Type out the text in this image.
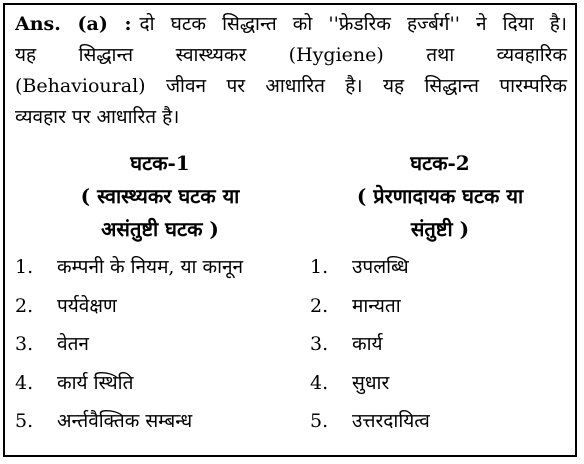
Ans. (a) : दो घटक सिद्धान्त को ''फ्रेडरिक हर्ज्बर्ग'' ने दिया है।
यह सिद्धान्त स्वास्थ्यकर (Hygiene) तथा व्यवहारिक
(Behavioural) जीवन पर आधारित है। यह सिद्धान्त पारम्परिक
व्यवहार पर आधारित है।
घटक-1
( स्वास्थ्यकर घटक या
असंतुष्टी घटक )
1. कम्पनी के नियम, या कानून
2. पर्यवेक्षण
3. वेतन
4. कार्य स्थिति
5. अर्न्तवैक्तिक सम्बन्ध
घटक-2
( प्रेरणादायक घटक या
संतुष्टी )
1. उपलब्धि
2. मान्यता
3. कार्य
4. सुधार
5. उत्तरदायित्व
